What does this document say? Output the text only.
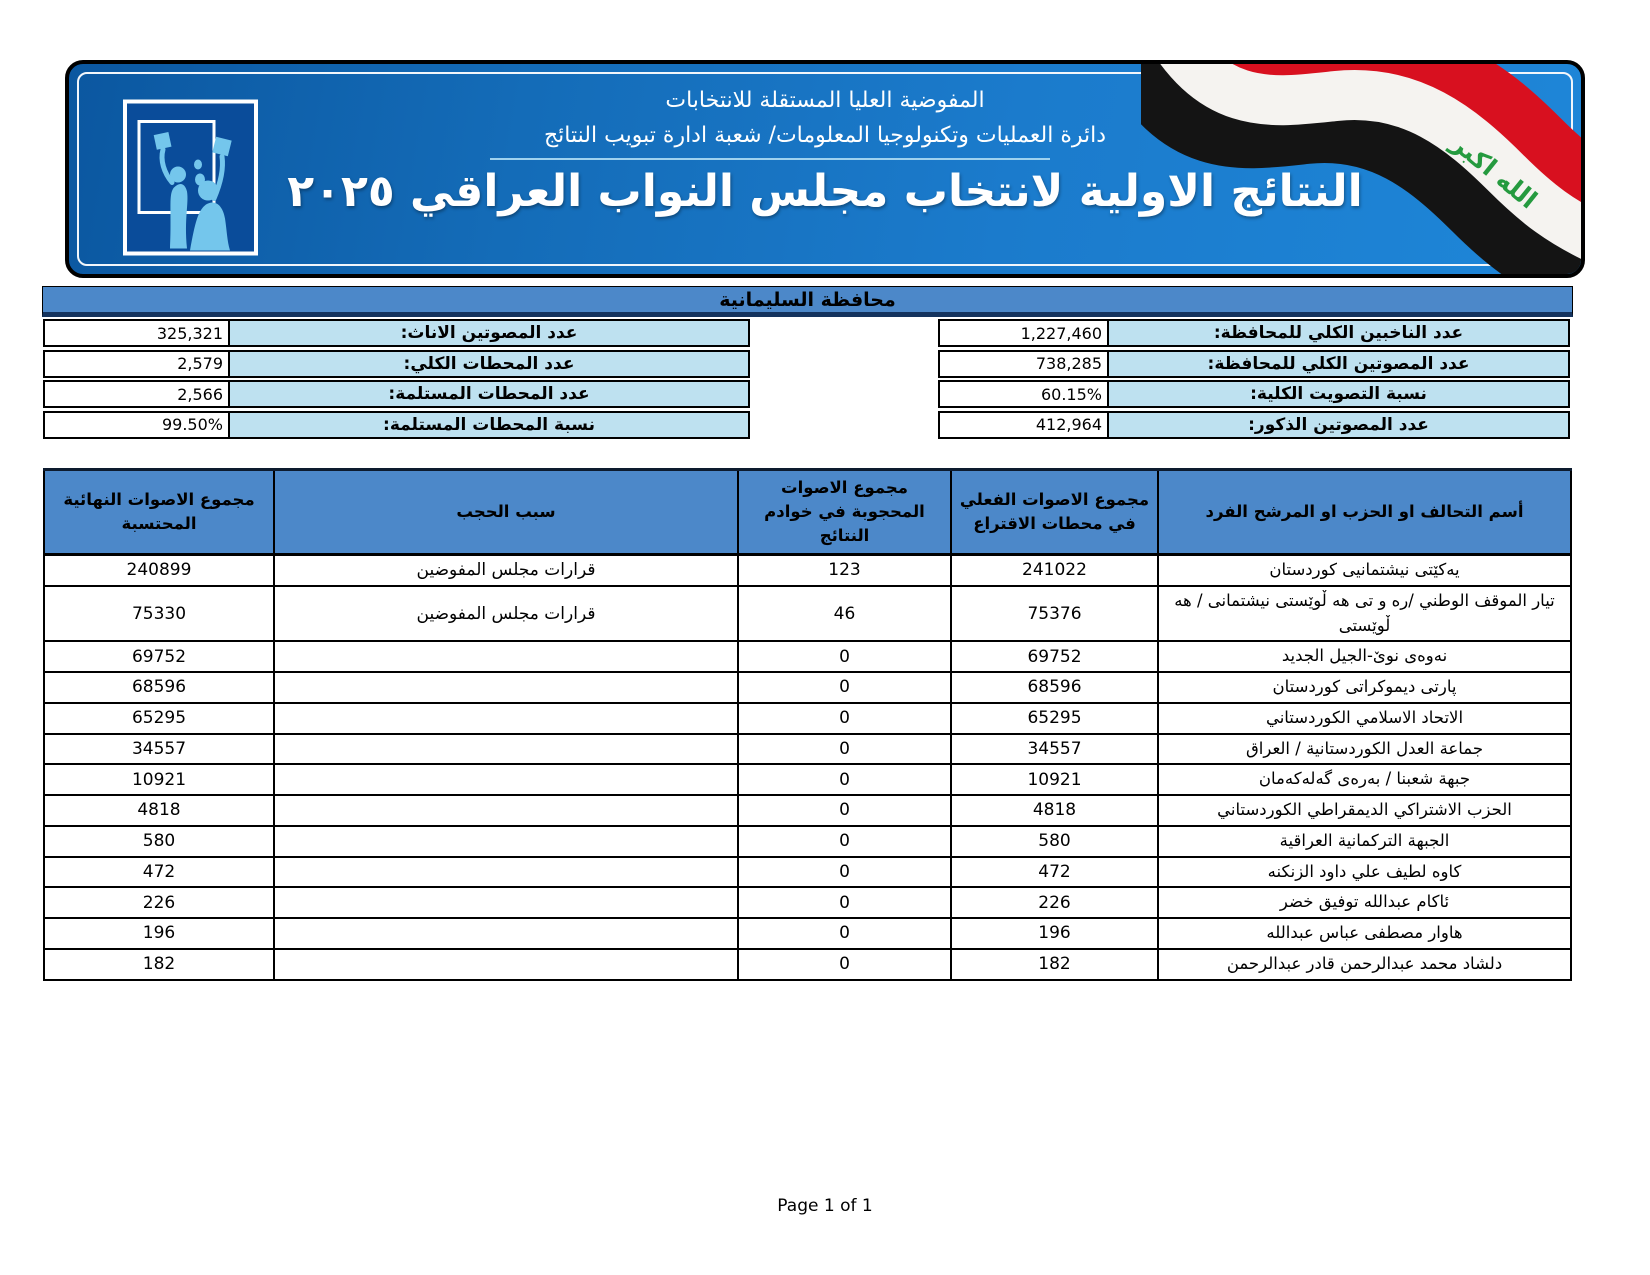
الله اكبر
المفوضية العليا المستقلة للانتخابات
دائرة العمليات وتكنولوجيا المعلومات/ شعبة ادارة تبويب النتائج
النتائج الاولية لانتخاب مجلس النواب العراقي ٢٠٢٥
محافظة السليمانية
عدد الناخبين الكلي للمحافظة:
1,227,460
عدد المصوتين الكلي للمحافظة:
738,285
نسبة التصويت الكلية:
60.15%
عدد المصوتين الذكور:
412,964
عدد المصوتين الاناث:
325,321
عدد المحطات الكلي:
2,579
عدد المحطات المستلمة:
2,566
نسبة المحطات المستلمة:
99.50%
أسم التحالف او الحزب او المرشح الفرد	مجموع الاصوات الفعلي في محطات الاقتراع	مجموع الاصوات المحجوبة في خوادم النتائج	سبب الحجب	مجموع الاصوات النهائية المحتسبة
يەكێتى نيشتمانيى كوردستان	241022	123	قرارات مجلس المفوضين	240899
تيار الموقف الوطني /ره و تى هه ڵوێستى نيشتمانى / هه ڵوێستى	75376	46	قرارات مجلس المفوضين	75330
نەوەى نوێ-الجيل الجديد	69752	0		69752
پارتى ديموكراتى كوردستان	68596	0		68596
الاتحاد الاسلامي الكوردستاني	65295	0		65295
جماعة العدل الكوردستانية / العراق	34557	0		34557
جبهة شعبنا / بەرەى گەلەكەمان	10921	0		10921
الحزب الاشتراكي الديمقراطي الكوردستاني	4818	0		4818
الجبهة التركمانية العراقية	580	0		580
كاوه لطيف علي داود الزنكنه	472	0		472
ئاكام عبدالله توفيق خضر	226	0		226
هاوار مصطفى عباس عبدالله	196	0		196
دلشاد محمد عبدالرحمن قادر عبدالرحمن	182	0		182
Page 1 of 1
